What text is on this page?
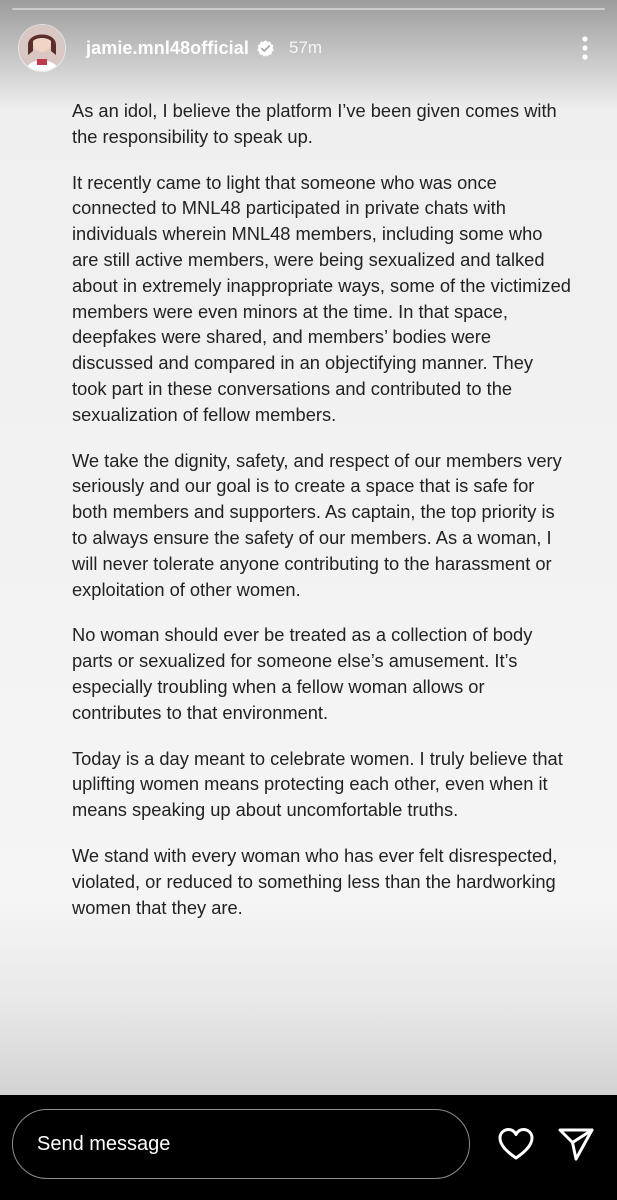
jamie.mnl48official 57m

As an idol, I believe the platform I’ve been given comes with the responsibility to speak up.

It recently came to light that someone who was once connected to MNL48 participated in private chats with individuals wherein MNL48 members, including some who are still active members, were being sexualized and talked about in extremely inappropriate ways, some of the victimized members were even minors at the time. In that space, deepfakes were shared, and members’ bodies were discussed and compared in an objectifying manner. They took part in these conversations and contributed to the sexualization of fellow members.

We take the dignity, safety, and respect of our members very seriously and our goal is to create a space that is safe for both members and supporters. As captain, the top priority is to always ensure the safety of our members. As a woman, I will never tolerate anyone contributing to the harassment or exploitation of other women.

No woman should ever be treated as a collection of body parts or sexualized for someone else’s amusement. It’s especially troubling when a fellow woman allows or contributes to that environment.

Today is a day meant to celebrate women. I truly believe that uplifting women means protecting each other, even when it means speaking up about uncomfortable truths.

We stand with every woman who has ever felt disrespected, violated, or reduced to something less than the hardworking women that they are.

Send message
